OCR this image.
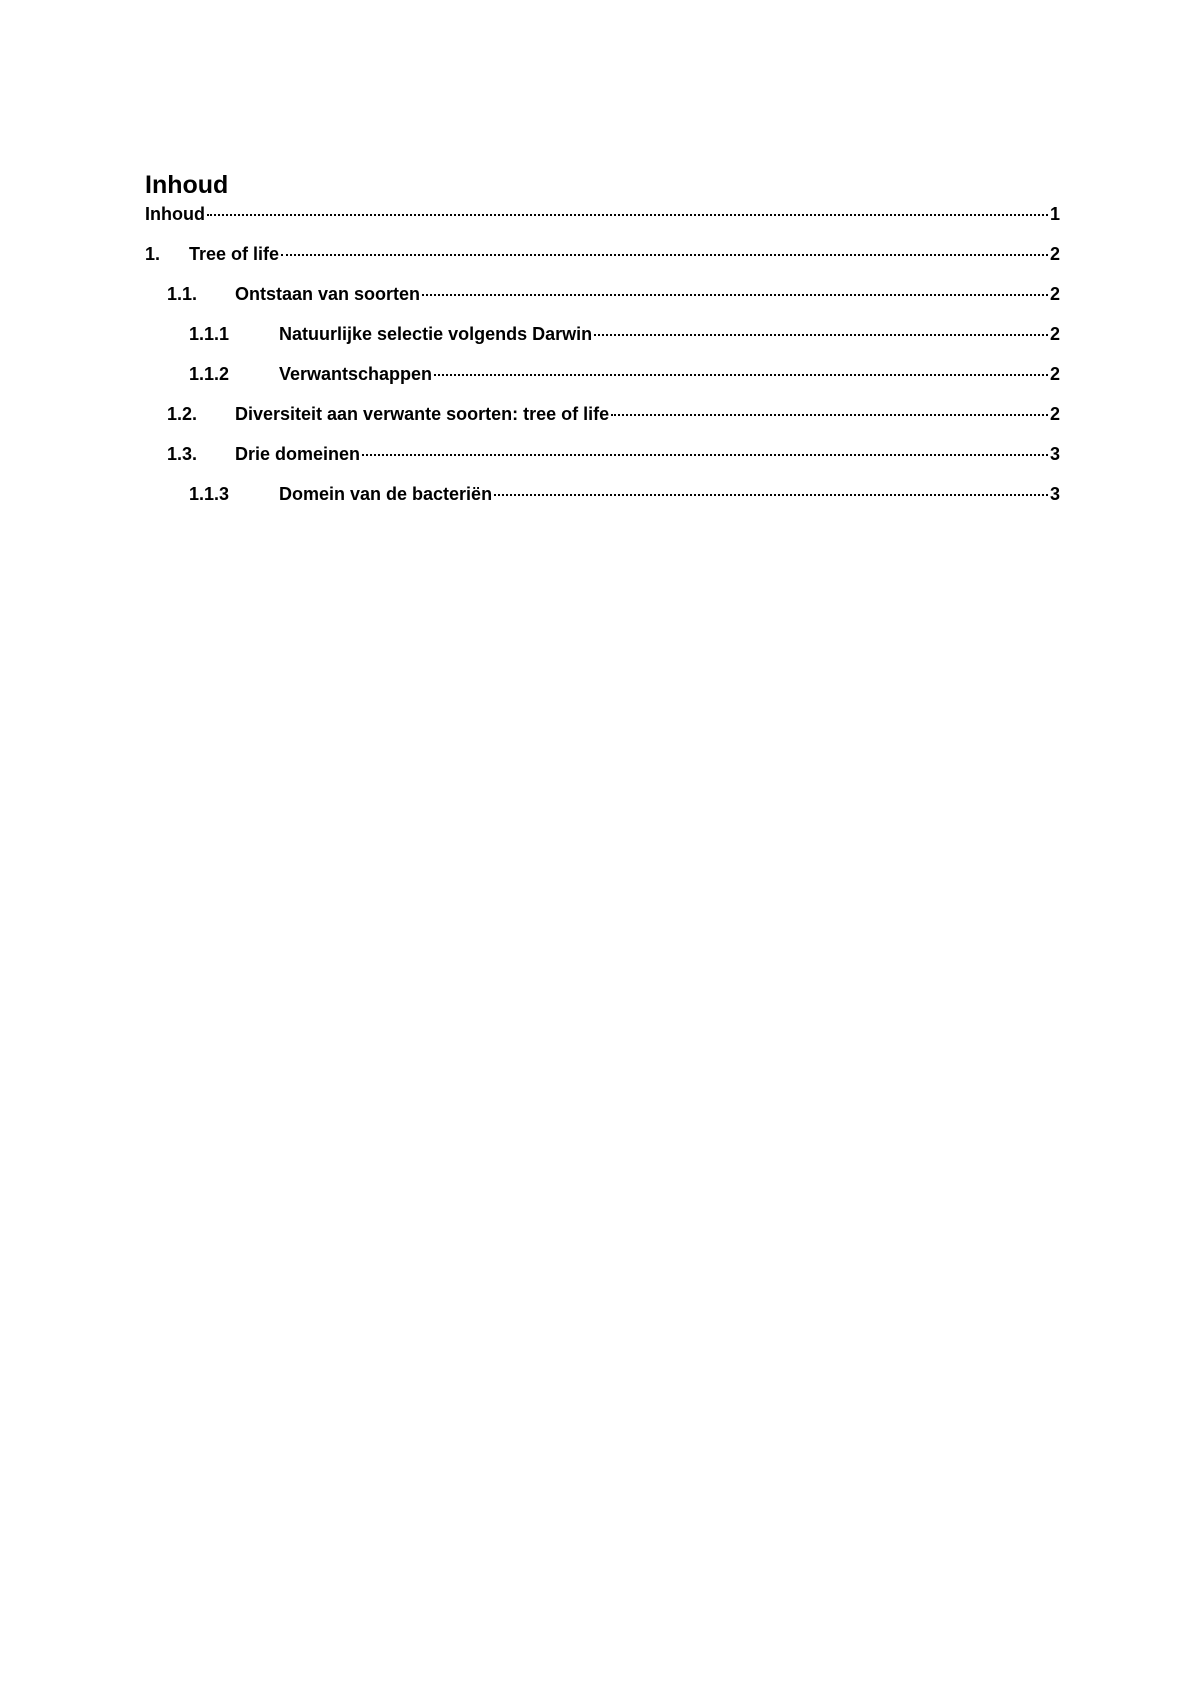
Inhoud
Inhoud	1
1.	Tree of life	2
1.1.	Ontstaan van soorten	2
1.1.1	Natuurlijke selectie volgends Darwin	2
1.1.2	Verwantschappen	2
1.2.	Diversiteit aan verwante soorten: tree of life	2
1.3.	Drie domeinen	3
1.1.3	Domein van de bacteriën	3
